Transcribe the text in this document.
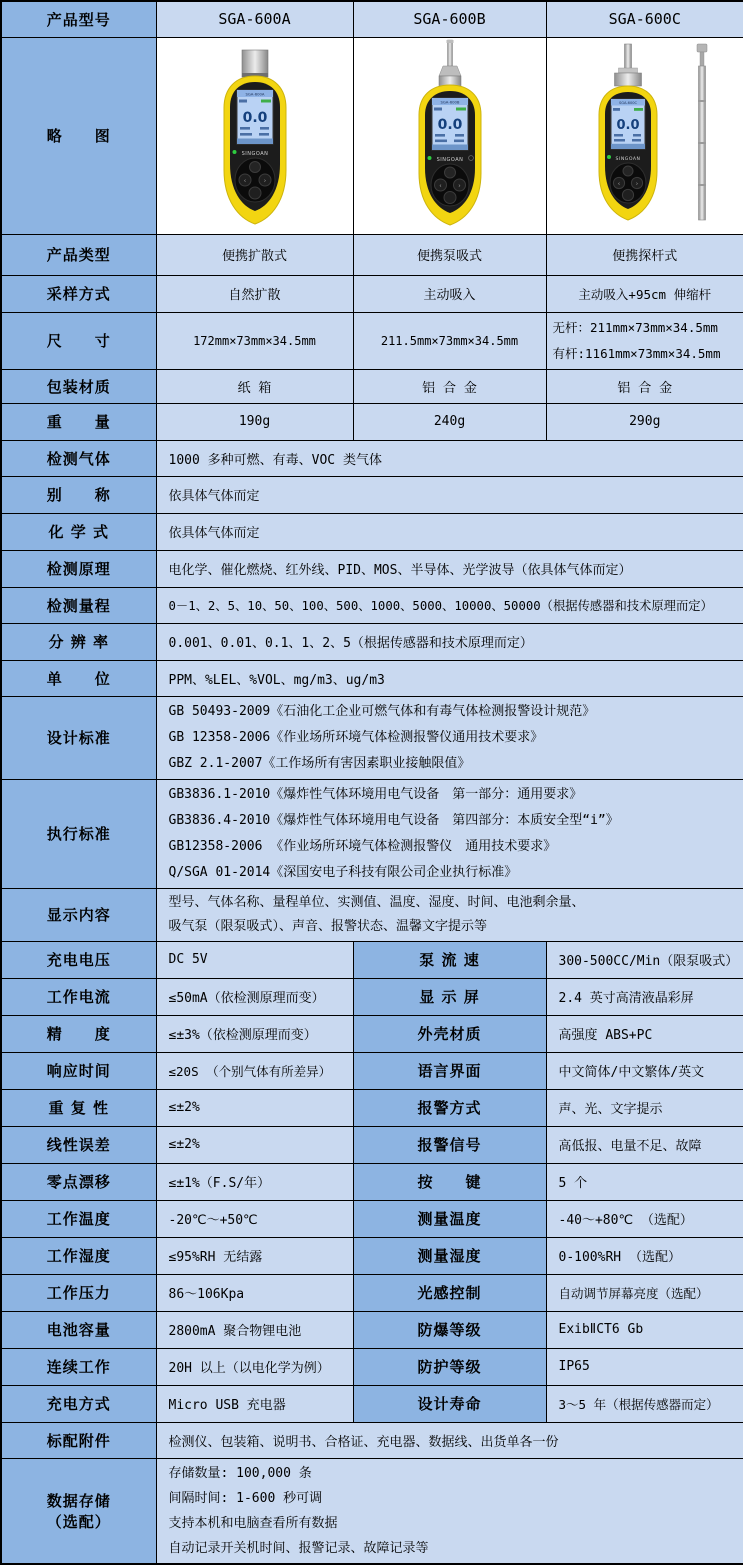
产品型号	SGA-600A	SGA-600B	SGA-600C
略　　图	SGA-600A
0.0
SINGOAN
‹ ›	SGA-600B
0.0
SINGOAN
‹ ›	SGA-600C
0.0
SINGOAN
‹ ›

产品类型	便携扩散式	便携泵吸式	便携探杆式
采样方式	自然扩散	主动吸入	主动吸入+95cm 伸缩杆
尺　　寸	172mm×73mm×34.5mm	211.5mm×73mm×34.5mm	无杆：211mm×73mm×34.5mm
有杆:1161mm×73mm×34.5mm

包装材质	纸 箱	铝 合 金	铝 合 金
重　　量	190g	240g	290g
检测气体	1000 多种可燃、有毒、VOC 类气体		
别　　称	依具体气体而定		
化 学 式	依具体气体而定		
检测原理	电化学、催化燃烧、红外线、PID、MOS、半导体、光学波导（依具体气体而定）		
检测量程	0－1、2、5、10、50、100、500、1000、5000、10000、50000（根据传感器和技术原理而定）		
分 辨 率	0.001、0.01、0.1、1、2、5（根据传感器和技术原理而定）		
单　　位	PPM、%LEL、%VOL、mg/m3、ug/m3		
设计标准	GB 50493-2009《石油化工企业可燃气体和有毒气体检测报警设计规范》
GB 12358-2006《作业场所环境气体检测报警仪通用技术要求》
GBZ 2.1-2007《工作场所有害因素职业接触限值》		

执行标准	GB3836.1-2010《爆炸性气体环境用电气设备　第一部分：通用要求》
GB3836.4-2010《爆炸性气体环境用电气设备　第四部分：本质安全型“i”》
GB12358-2006 《作业场所环境气体检测报警仪　通用技术要求》
Q/SGA 01-2014《深国安电子科技有限公司企业执行标准》		

显示内容	型号、气体名称、量程单位、实测值、温度、湿度、时间、电池剩余量、
吸气泵（限泵吸式）、声音、报警状态、温馨文字提示等		

充电电压	DC 5V	泵 流 速	300-500CC/Min（限泵吸式）
工作电流	≤50mA（依检测原理而变）	显 示 屏	2.4 英寸高清液晶彩屏
精　　度	≤±3%（依检测原理而变）	外壳材质	高强度 ABS+PC
响应时间	≤20S （个别气体有所差异）	语言界面	中文简体/中文繁体/英文
重 复 性	≤±2%	报警方式	声、光、文字提示
线性误差	≤±2%	报警信号	高低报、电量不足、故障
零点漂移	≤±1%（F.S/年）	按　　键	5 个
工作温度	-20℃～+50℃	测量温度	-40～+80℃ （选配）
工作湿度	≤95%RH 无结露	测量湿度	0-100%RH （选配）
工作压力	86～106Kpa	光感控制	自动调节屏幕亮度（选配）
电池容量	2800mA 聚合物锂电池	防爆等级	ExibⅡCT6 Gb
连续工作	20H 以上（以电化学为例）	防护等级	IP65
充电方式	Micro USB 充电器	设计寿命	3～5 年（根据传感器而定）
标配附件	检测仪、包装箱、说明书、合格证、充电器、数据线、出货单各一份		

数据存储
（选配）

存储数量: 100,000 条
间隔时间: 1-600 秒可调
支持本机和电脑查看所有数据
自动记录开关机时间、报警记录、故障记录等
